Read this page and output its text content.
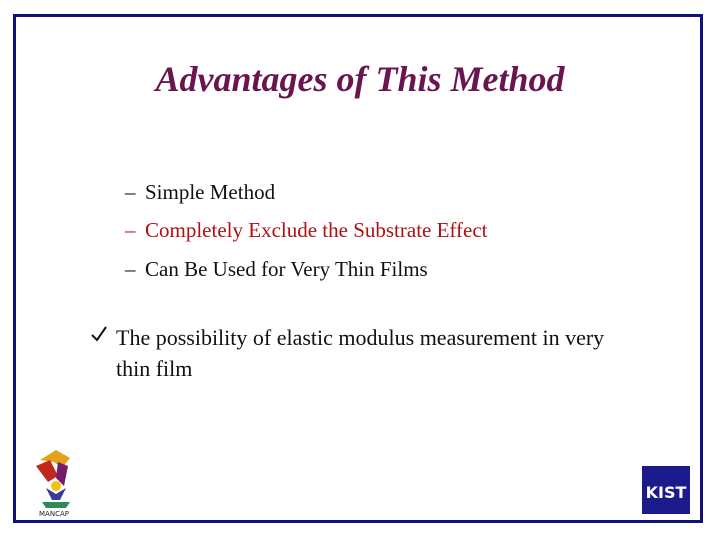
Advantages of This Method
– Simple Method
– Completely Exclude the Substrate Effect
– Can Be Used for Very Thin Films
The possibility of elastic modulus measurement in very thin film
MANCAP
KIST
